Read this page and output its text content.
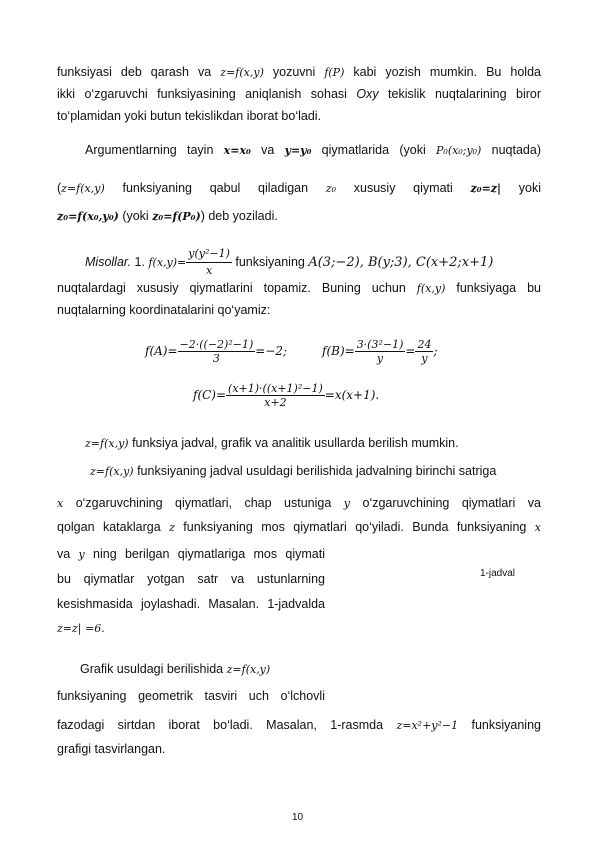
funksiyasi deb qarash va z=f(x,y) yozuvni f(P) kabi yozish mumkin. Bu holda
ikki o‘zgaruvchi funksiyasining aniqlanish sohasi Oxy tekislik nuqtalarining biror
to‘plamidan yoki butun tekislikdan iborat bo‘ladi.
Argumentlarning tayin x=x₀ va y=y₀ qiymatlarida (yoki P₀(x₀;y₀) nuqtada)
(z=f(x,y) funksiyaning qabul qiladigan z₀ xususiy qiymati z₀=z| yoki
z₀=f(x₀,y₀) (yoki z₀=f(P₀)) deb yoziladi.
Misollar. 1. $f(x,y)= \frac{\text{y(y²−1)}}{x}$ funksiyaning A(3;−2), B(y;3), C(x+2;x+1)
nuqtalardagi xususiy qiymatlarini topamiz. Buning uchun f(x,y) funksiyaga bu
nuqtalarning koordinatalarini qo‘yamiz:
$f(A)= \frac{\text{−2·((−2)²−1)}}{3} =-2$;	$f(B)= \frac{\text{3·(3²−1)}}{y} = \frac{24}{y}$ ;
$f(C)= \frac{\text{(x+1)·((x+1)²−1)}}{x+2} =x(x+1)$.
z=f(x,y) funksiya jadval, grafik va analitik usullarda berilish mumkin.
z=f(x,y) funksiyaning jadval usuldagi berilishida jadvalning birinchi satriga
x o‘zgaruvchining qiymatlari, chap ustuniga y o‘zgaruvchining qiymatlari va
qolgan kataklarga z funksiyaning mos qiymatlari qo‘yiladi. Bunda funksiyaning x
va y ning berilgan qiymatlariga mos qiymati
bu qiymatlar yotgan satr va ustunlarning
kesishmasida joylashadi. Masalan. 1-jadvalda
z=z| =6.
1-jadval
Grafik usuldagi berilishida z=f(x,y)
funksiyaning geometrik tasviri uch o‘lchovli
fazodagi sirtdan iborat bo‘ladi. Masalan, 1-rasmda z=x²+y²−1 funksiyaning
grafigi tasvirlangan.
10
